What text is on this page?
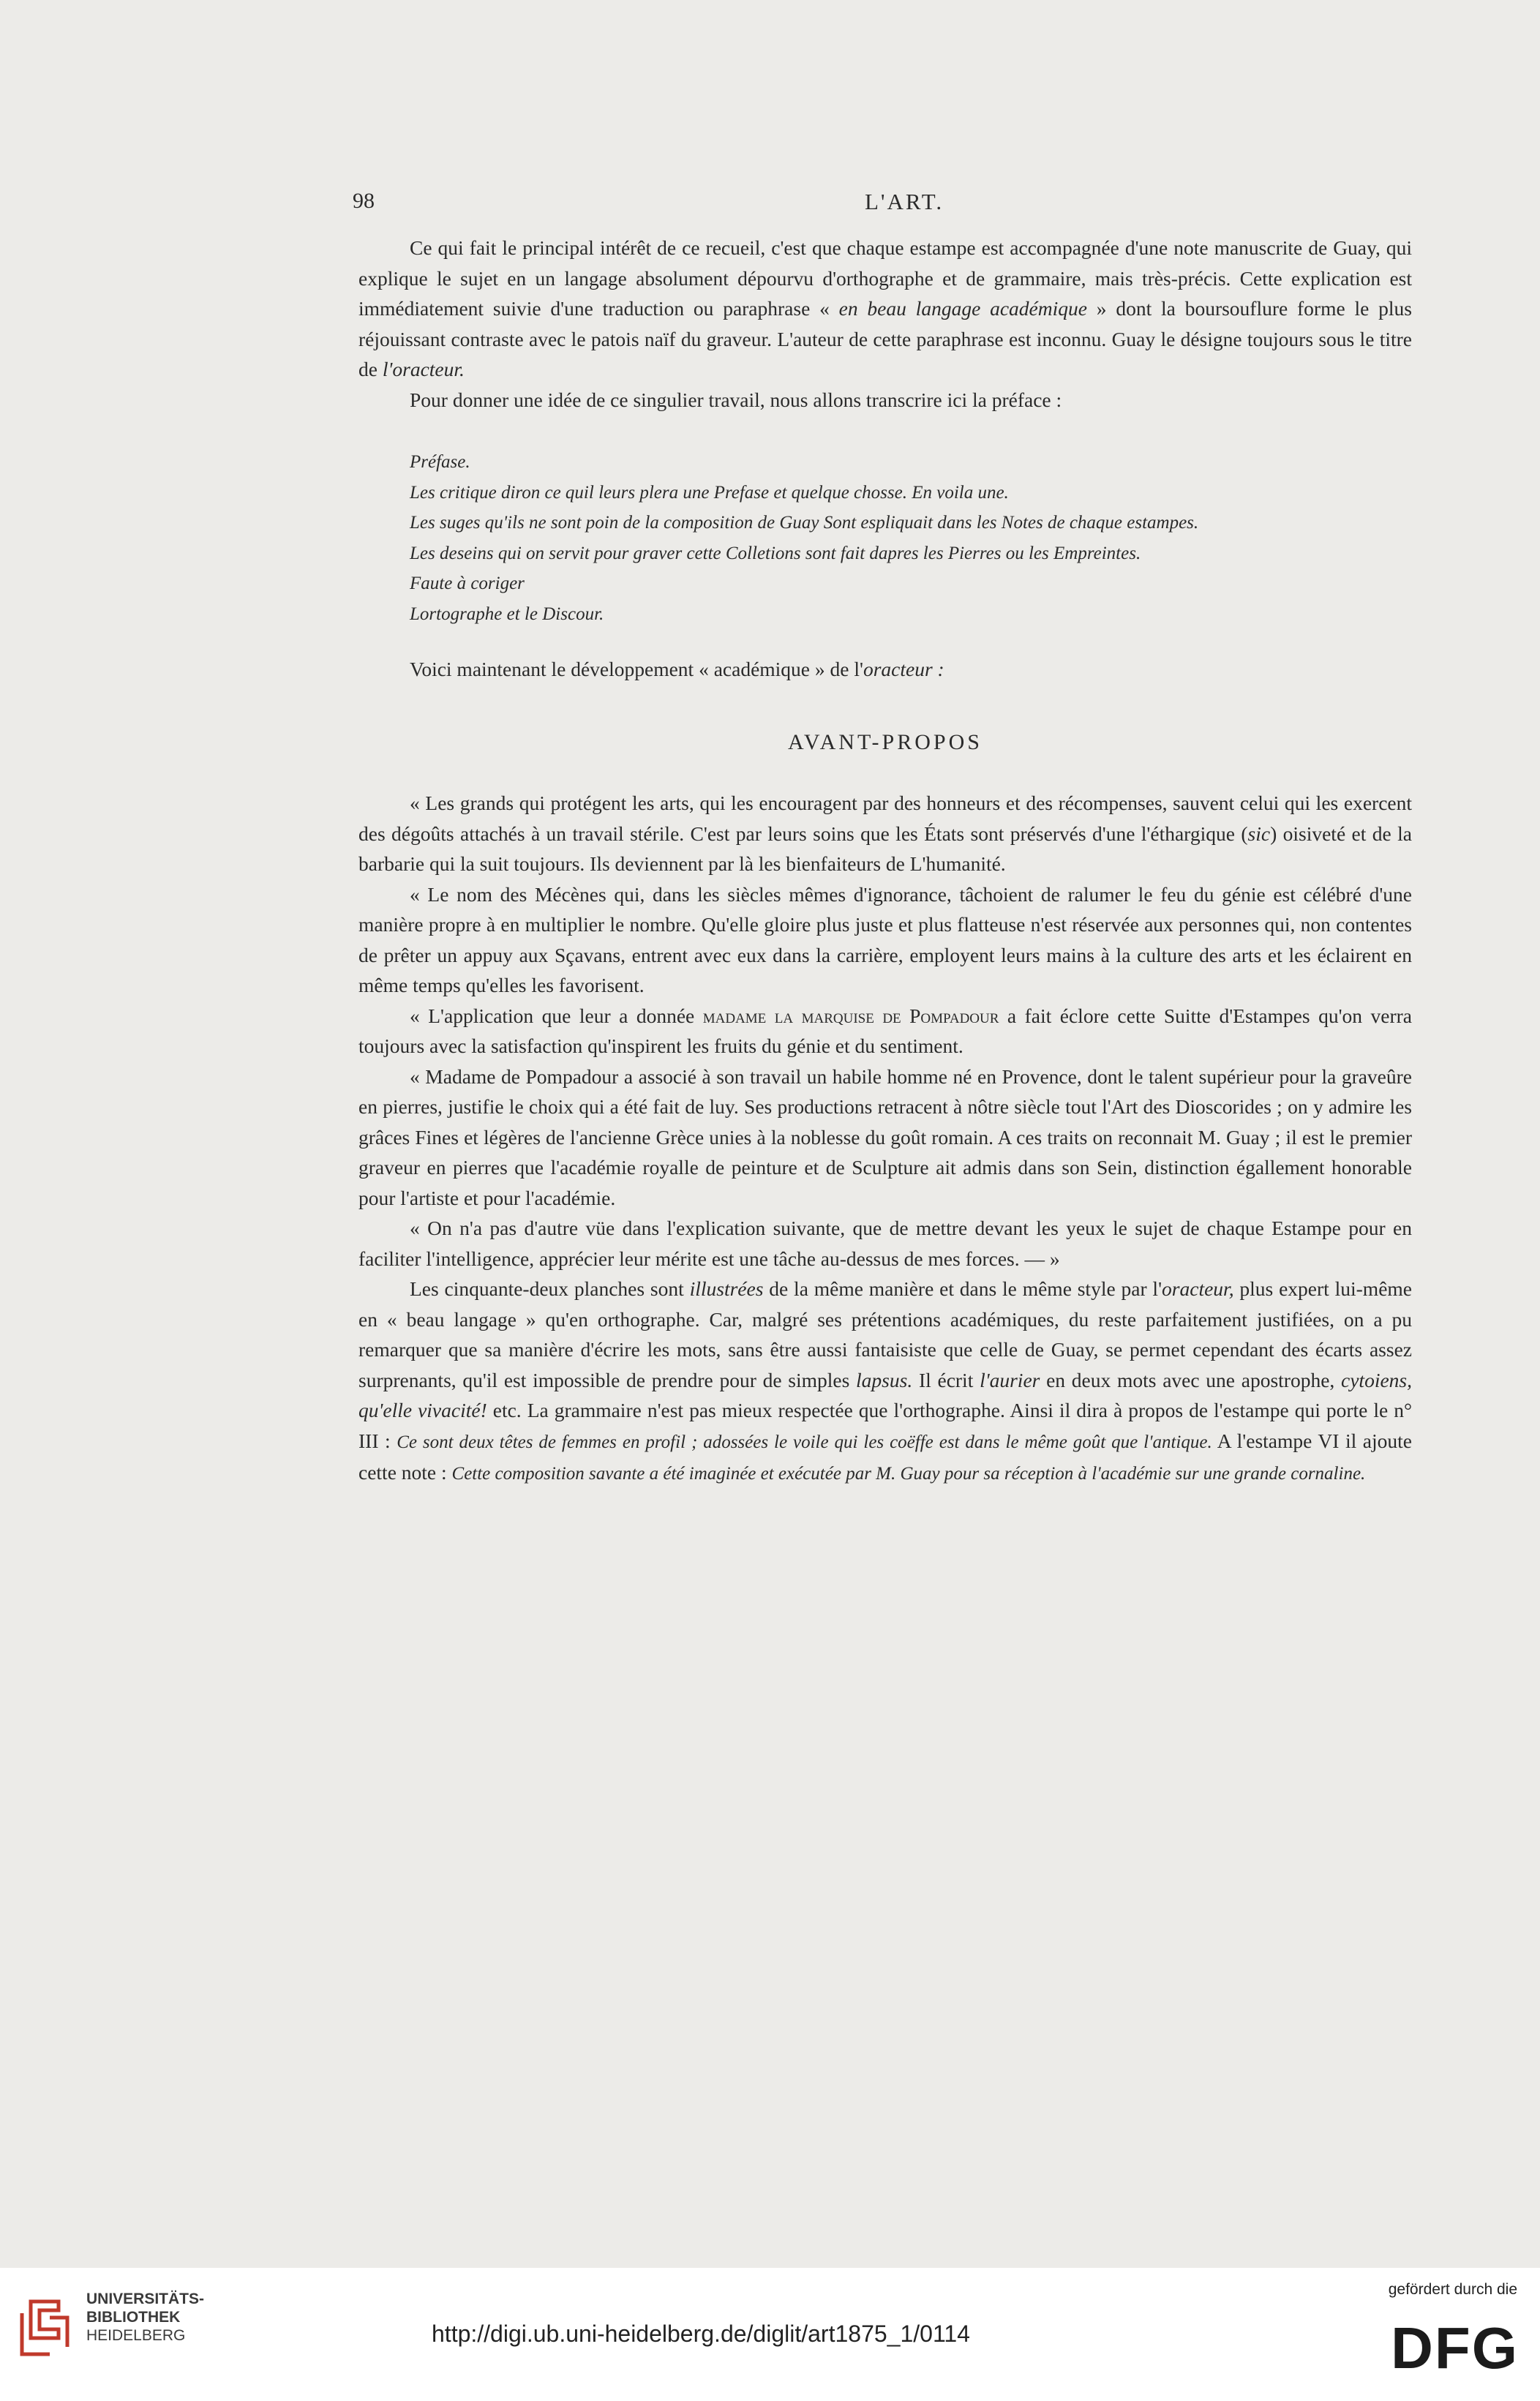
98	L'ART.

Ce qui fait le principal intérêt de ce recueil, c'est que chaque estampe est accompagnée d'une note manuscrite de Guay, qui explique le sujet en un langage absolument dépourvu d'orthographe et de grammaire, mais très-précis. Cette explication est immédiatement suivie d'une traduction ou paraphrase « en beau langage académique » dont la boursouflure forme le plus réjouissant contraste avec le patois naïf du graveur. L'auteur de cette paraphrase est inconnu. Guay le désigne toujours sous le titre de l'oracteur.

Pour donner une idée de ce singulier travail, nous allons transcrire ici la préface :

Préfase.

Les critique diron ce quil leurs plera une Prefase et quelque chosse. En voila une.

Les suges qu'ils ne sont poin de la composition de Guay Sont espliquait dans les Notes de chaque estampes.

Les deseins qui on servit pour graver cette Colletions sont fait dapres les Pierres ou les Empreintes.

Faute à coriger

Lortographe et le Discour.

Voici maintenant le développement « académique » de l'oracteur :

AVANT-PROPOS

« Les grands qui protégent les arts, qui les encouragent par des honneurs et des récompenses, sauvent celui qui les exercent des dégoûts attachés à un travail stérile. C'est par leurs soins que les États sont préservés d'une l'éthargique (sic) oisiveté et de la barbarie qui la suit toujours. Ils deviennent par là les bienfaiteurs de L'humanité.

« Le nom des Mécènes qui, dans les siècles mêmes d'ignorance, tâchoient de ralumer le feu du génie est célébré d'une manière propre à en multiplier le nombre. Qu'elle gloire plus juste et plus flatteuse n'est réservée aux personnes qui, non contentes de prêter un appuy aux Sçavans, entrent avec eux dans la carrière, employent leurs mains à la culture des arts et les éclairent en même temps qu'elles les favorisent.

« L'application que leur a donnée madame la marquise de Pompadour a fait éclore cette Suitte d'Estampes qu'on verra toujours avec la satisfaction qu'inspirent les fruits du génie et du sentiment.

« Madame de Pompadour a associé à son travail un habile homme né en Provence, dont le talent supérieur pour la graveûre en pierres, justifie le choix qui a été fait de luy. Ses productions retracent à nôtre siècle tout l'Art des Dioscorides ; on y admire les grâces Fines et légères de l'ancienne Grèce unies à la noblesse du goût romain. A ces traits on reconnait M. Guay ; il est le premier graveur en pierres que l'académie royalle de peinture et de Sculpture ait admis dans son Sein, distinction égallement honorable pour l'artiste et pour l'académie.

« On n'a pas d'autre vüe dans l'explication suivante, que de mettre devant les yeux le sujet de chaque Estampe pour en faciliter l'intelligence, apprécier leur mérite est une tâche au-dessus de mes forces. — »

Les cinquante-deux planches sont illustrées de la même manière et dans le même style par l'oracteur, plus expert lui-même en « beau langage » qu'en orthographe. Car, malgré ses prétentions académiques, du reste parfaitement justifiées, on a pu remarquer que sa manière d'écrire les mots, sans être aussi fantaisiste que celle de Guay, se permet cependant des écarts assez surprenants, qu'il est impossible de prendre pour de simples lapsus. Il écrit l'aurier en deux mots avec une apostrophe, cytoiens, qu'elle vivacité! etc. La grammaire n'est pas mieux respectée que l'orthographe. Ainsi il dira à propos de l'estampe qui porte le n° III : Ce sont deux têtes de femmes en profil ; adossées le voile qui les coëffe est dans le même goût que l'antique. A l'estampe VI il ajoute cette note : Cette composition savante a été imaginée et exécutée par M. Guay pour sa réception à l'académie sur une grande cornaline.

UNIVERSITÄTS-
BIBLIOTHEK
HEIDELBERG	http://digi.ub.uni-heidelberg.de/diglit/art1875_1/0114
gefördert durch die
DFG
